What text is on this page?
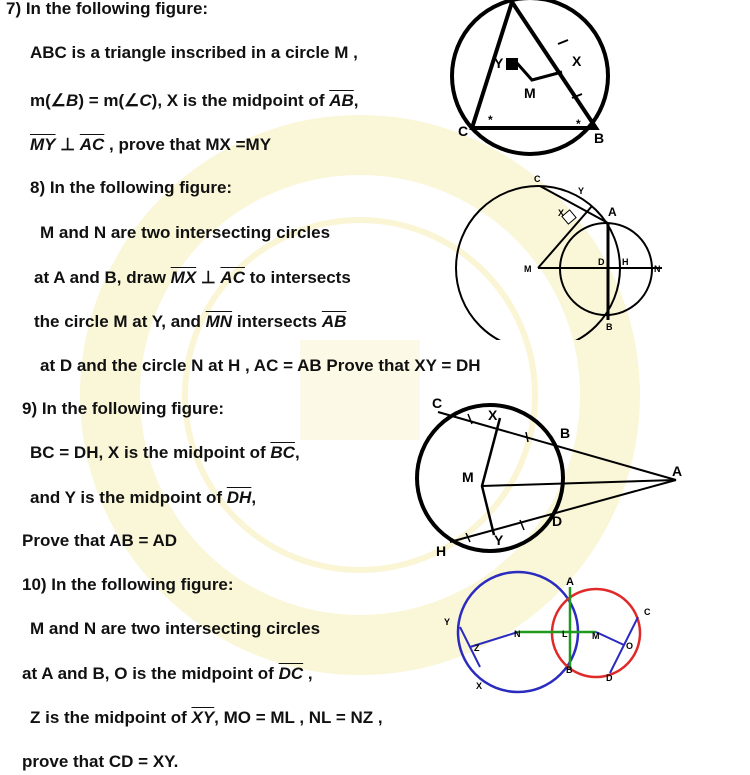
7) In the following figure:
ABC is a triangle inscribed in a circle M ,
m(∠B) = m(∠C), X is the midpoint of $\overline{AB}$,
$\overline{MY}$ ⊥ $\overline{AC}$ , prove that MX =MY
Y	X
M
C	B
*	*
8) In the following figure:
M and N are two intersecting circles
at A and B, draw $\overline{MX}$ ⊥ $\overline{AC}$ to intersects
the circle M at Y, and $\overline{MN}$ intersects $\overline{AB}$
at D and the circle N at H , AC = AB Prove that XY = DH
C
Y
X	A
M
D H
N
B
9) In the following figure:
BC = DH, X is the midpoint of $\overline{BC}$,
and Y is the midpoint of $\overline{DH}$,
Prove that AB = AD
C
X
B
M	A
D
Y
H
10) In the following figure:
M and N are two intersecting circles
at A and B, O is the midpoint of $\overline{DC}$ ,
Z is the midpoint of $\overline{XY}$, MO = ML , NL = NZ ,
prove that CD = XY.
Y
Z
X
N
A
L
B
M
C
O
D
